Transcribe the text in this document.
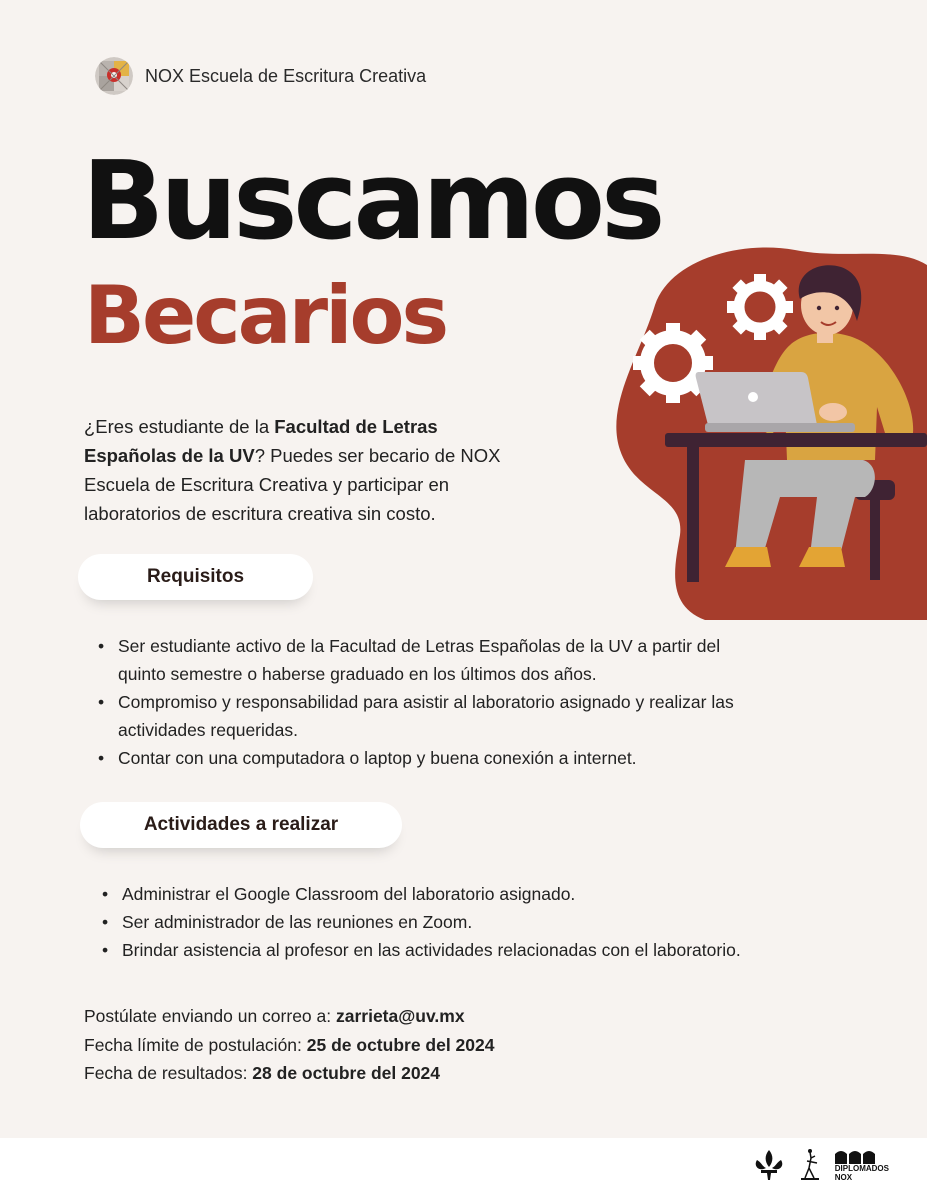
NOX Escuela de Escritura Creativa
Buscamos
Becarios
¿Eres estudiante de la Facultad de Letras Españolas de la UV? Puedes ser becario de NOX Escuela de Escritura Creativa y participar en laboratorios de escritura creativa sin costo.
Requisitos
• Ser estudiante activo de la Facultad de Letras Españolas de la UV a partir del quinto semestre o haberse graduado en los últimos dos años.
• Compromiso y responsabilidad para asistir al laboratorio asignado y realizar las actividades requeridas.
• Contar con una computadora o laptop y buena conexión a internet.
Actividades a realizar
• Administrar el Google Classroom del laboratorio asignado.
• Ser administrador de las reuniones en Zoom.
• Brindar asistencia al profesor en las actividades relacionadas con el laboratorio.
Postúlate enviando un correo a: zarrieta@uv.mx
Fecha límite de postulación: 25 de octubre del 2024
Fecha de resultados: 28 de octubre del 2024
DIPLOMADOS
NOX
